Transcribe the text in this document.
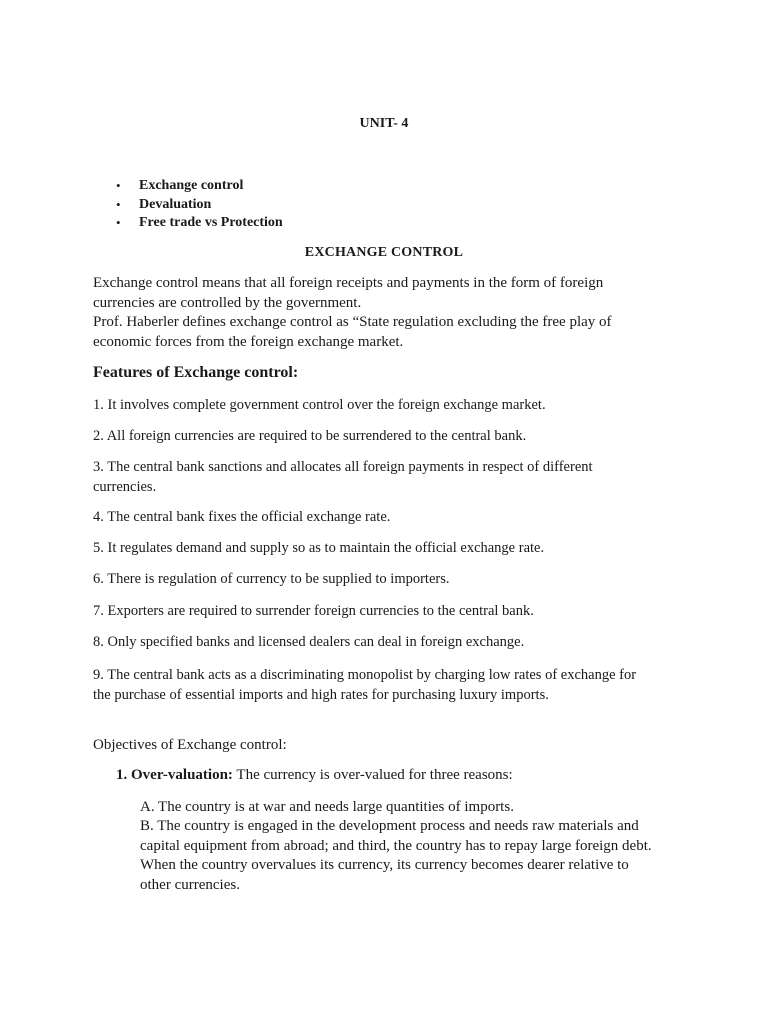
UNIT- 4

• Exchange control
• Devaluation
• Free trade vs Protection

EXCHANGE CONTROL

Exchange control means that all foreign receipts and payments in the form of foreign
currencies are controlled by the government.
Prof. Haberler defines exchange control as “State regulation excluding the free play of
economic forces from the foreign exchange market.

Features of Exchange control:

1. It involves complete government control over the foreign exchange market.
2. All foreign currencies are required to be surrendered to the central bank.
3. The central bank sanctions and allocates all foreign payments in respect of different
currencies.
4. The central bank fixes the official exchange rate.
5. It regulates demand and supply so as to maintain the official exchange rate.
6. There is regulation of currency to be supplied to importers.
7. Exporters are required to surrender foreign currencies to the central bank.
8. Only specified banks and licensed dealers can deal in foreign exchange.
9. The central bank acts as a discriminating monopolist by charging low rates of exchange for
the purchase of essential imports and high rates for purchasing luxury imports.

Objectives of Exchange control:

1. Over-valuation: The currency is over-valued for three reasons:

A. The country is at war and needs large quantities of imports.
B. The country is engaged in the development process and needs raw materials and
capital equipment from abroad; and third, the country has to repay large foreign debt.
When the country overvalues its currency, its currency becomes dearer relative to
other currencies.
